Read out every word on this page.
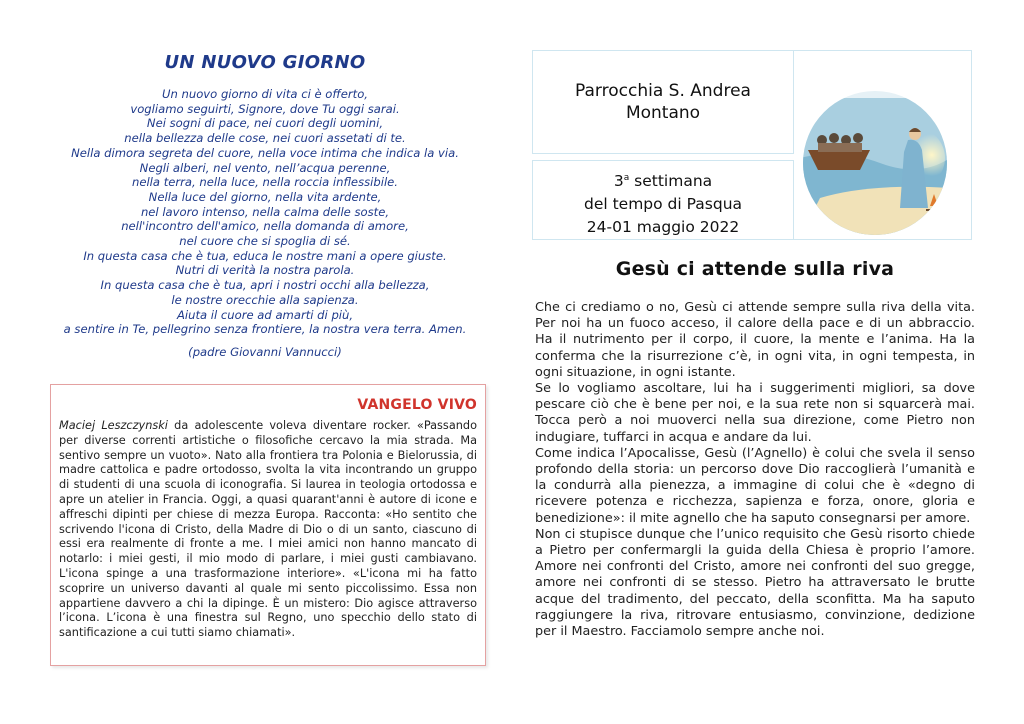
UN NUOVO GIORNO
Un nuovo giorno di vita ci è offerto,
vogliamo seguirti, Signore, dove Tu oggi sarai.
Nei sogni di pace, nei cuori degli uomini,
nella bellezza delle cose, nei cuori assetati di te.
Nella dimora segreta del cuore, nella voce intima che indica la via.
Negli alberi, nel vento, nell’acqua perenne,
nella terra, nella luce, nella roccia inflessibile.
Nella luce del giorno, nella vita ardente,
nel lavoro intenso, nella calma delle soste,
nell'incontro dell'amico, nella domanda di amore,
nel cuore che si spoglia di sé.
In questa casa che è tua, educa le nostre mani a opere giuste.
Nutri di verità la nostra parola.
In questa casa che è tua, apri i nostri occhi alla bellezza,
le nostre orecchie alla sapienza.
Aiuta il cuore ad amarti di più,
a sentire in Te, pellegrino senza frontiere, la nostra vera terra. Amen.
(padre Giovanni Vannucci)
VANGELO VIVO
Maciej Leszczynski da adolescente voleva diventare rocker. «Passando per diverse correnti artistiche o filosofiche cercavo la mia strada. Ma sentivo sempre un vuoto». Nato alla frontiera tra Polonia e Bielorussia, di madre cattolica e padre ortodosso, svolta la vita incontrando un gruppo di studenti di una scuola di iconografia. Si laurea in teologia ortodossa e apre un atelier in Francia. Oggi, a quasi quarant'anni è autore di icone e affreschi dipinti per chiese di mezza Europa. Racconta: «Ho sentito che scrivendo l'icona di Cristo, della Madre di Dio o di un santo, ciascuno di essi era realmente di fronte a me. I miei amici non hanno mancato di notarlo: i miei gesti, il mio modo di parlare, i miei gusti cambiavano. L'icona spinge a una trasformazione interiore». «L'icona mi ha fatto scoprire un universo davanti al quale mi sento piccolissimo. Essa non appartiene davvero a chi la dipinge. È un mistero: Dio agisce attraverso l’icona. L’icona è una finestra sul Regno, uno specchio dello stato di santificazione a cui tutti siamo chiamati».
Parrocchia S. Andrea
Montano
3$^a$ settimana
del tempo di Pasqua
24-01 maggio 2022
Gesù ci attende sulla riva

Che ci crediamo o no, Gesù ci attende sempre sulla riva della vita. Per noi ha un fuoco acceso, il calore della pace e di un abbraccio. Ha il nutrimento per il corpo, il cuore, la mente e l’anima. Ha la conferma che la risurrezione c’è, in ogni vita, in ogni tempesta, in ogni situazione, in ogni istante.

Se lo vogliamo ascoltare, lui ha i suggerimenti migliori, sa dove pescare ciò che è bene per noi, e la sua rete non si squarcerà mai. Tocca però a noi muoverci nella sua direzione, come Pietro non indugiare, tuffarci in acqua e andare da lui.

Come indica l’Apocalisse, Gesù (l’Agnello) è colui che svela il senso profondo della storia: un percorso dove Dio raccoglierà l’umanità e la condurrà alla pienezza, a immagine di colui che è «degno di ricevere potenza e ricchezza, sapienza e forza, onore, gloria e benedizione»: il mite agnello che ha saputo consegnarsi per amore.

Non ci stupisce dunque che l’unico requisito che Gesù risorto chiede a Pietro per confermargli la guida della Chiesa è proprio l’amore. Amore nei confronti del Cristo, amore nei confronti del suo gregge, amore nei confronti di se stesso. Pietro ha attraversato le brutte acque del tradimento, del peccato, della sconfitta. Ma ha saputo raggiungere la riva, ritrovare entusiasmo, convinzione, dedizione per il Maestro. Facciamolo sempre anche noi.
